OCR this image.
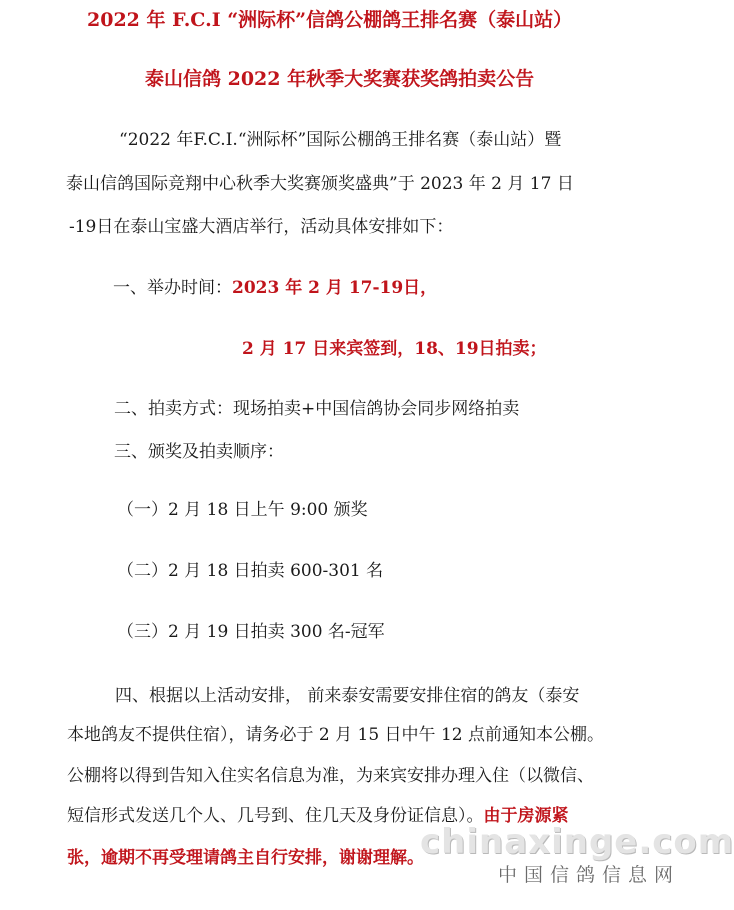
2022 年 F.C.I “洲际杯”信鸽公棚鸽王排名赛（泰山站）
泰山信鸽 2022 年秋季大奖赛获奖鸽拍卖公告
“2022 年F.C.I.“洲际杯”国际公棚鸽王排名赛（泰山站）暨
泰山信鸽国际竞翔中心秋季大奖赛颁奖盛典”于 2023 年 2 月 17 日
-19日在泰山宝盛大酒店举行，活动具体安排如下：
一、举办时间：2023 年 2 月 17-19日，
2 月 17 日来宾签到，18、19日拍卖；
二、拍卖方式：现场拍卖+中国信鸽协会同步网络拍卖
三、颁奖及拍卖顺序：
（一）2 月 18 日上午 9:00 颁奖
（二）2 月 18 日拍卖 600-301 名
（三）2 月 19 日拍卖 300 名-冠军
四、根据以上活动安排， 前来泰安需要安排住宿的鸽友（泰安
本地鸽友不提供住宿），请务必于 2 月 15 日中午 12 点前通知本公棚。
公棚将以得到告知入住实名信息为准，为来宾安排办理入住（以微信、
短信形式发送几个人、几号到、住几天及身份证信息）。由于房源紧
张，逾期不再受理请鸽主自行安排，谢谢理解。
chinaxinge.com
中国信鸽信息网
